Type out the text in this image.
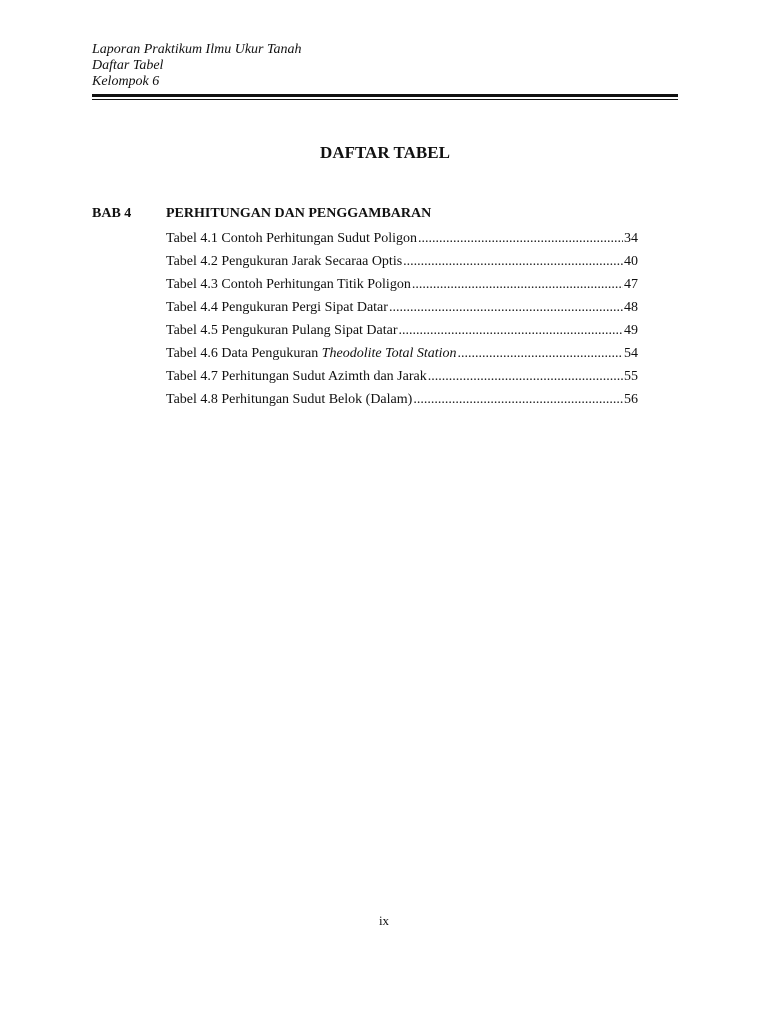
Laporan Praktikum Ilmu Ukur Tanah
Daftar Tabel
Kelompok 6
DAFTAR TABEL
BAB 4 PERHITUNGAN DAN PENGGAMBARAN
Tabel 4.1 Contoh Perhitungan Sudut Poligon .....	34
Tabel 4.2 Pengukuran Jarak Secaraa Optis .....	40
Tabel 4.3 Contoh Perhitungan Titik Poligon .....	47
Tabel 4.4 Pengukuran Pergi Sipat Datar .....	48
Tabel 4.5 Pengukuran Pulang Sipat Datar .....	49
Tabel 4.6 Data Pengukuran Theodolite Total Station .....	54
Tabel 4.7 Perhitungan Sudut Azimth dan Jarak .....	55
Tabel 4.8 Perhitungan Sudut Belok (Dalam) .....	56
ix
